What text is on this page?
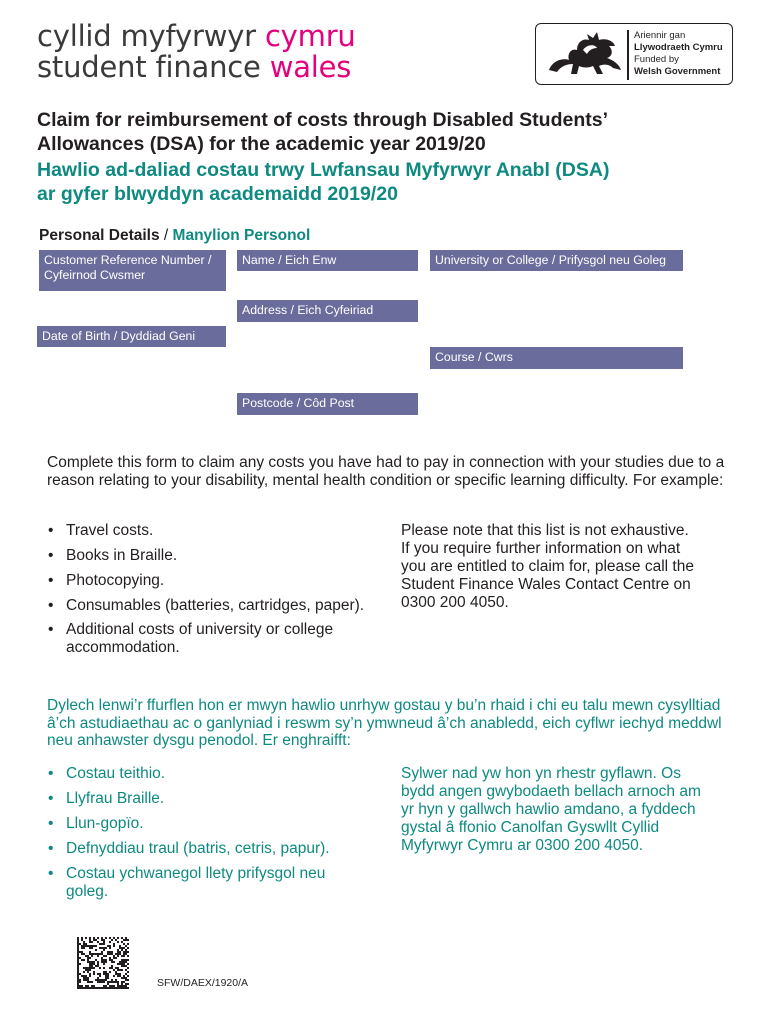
cyllid myfyrwyr cymru
student finance wales
Ariennir gan
Llywodraeth Cymru
Funded by
Welsh Government
Claim for reimbursement of costs through Disabled Students’
Allowances (DSA) for the academic year 2019/20
Hawlio ad-daliad costau trwy Lwfansau Myfyrwyr Anabl (DSA)
ar gyfer blwyddyn academaidd 2019/20
Personal Details / Manylion Personol
Customer Reference Number /
Cyfeirnod Cwsmer
Name / Eich Enw	University or College / Prifysgol neu Goleg
Address / Eich Cyfeiriad
Date of Birth / Dyddiad Geni
Course / Cwrs
Postcode / Côd Post
Complete this form to claim any costs you have had to pay in connection with your studies due to a reason relating to your disability, mental health condition or specific learning difficulty. For example:
• Travel costs.
• Books in Braille.
• Photocopying.
• Consumables (batteries, cartridges, paper).
• Additional costs of university or college accommodation.
Please note that this list is not exhaustive. If you require further information on what you are entitled to claim for, please call the Student Finance Wales Contact Centre on 0300 200 4050.
Dylech lenwi’r ffurflen hon er mwyn hawlio unrhyw gostau y bu’n rhaid i chi eu talu mewn cysylltiad â’ch astudiaethau ac o ganlyniad i reswm sy’n ymwneud â’ch anabledd, eich cyflwr iechyd meddwl neu anhawster dysgu penodol. Er enghraifft:
• Costau teithio.
• Llyfrau Braille.
• Llun-gopïo.
• Defnyddiau traul (batris, cetris, papur).
• Costau ychwanegol llety prifysgol neu goleg.
Sylwer nad yw hon yn rhestr gyflawn. Os bydd angen gwybodaeth bellach arnoch am yr hyn y gallwch hawlio amdano, a fyddech gystal â ffonio Canolfan Gyswllt Cyllid Myfyrwyr Cymru ar 0300 200 4050.
SFW/DAEX/1920/A
